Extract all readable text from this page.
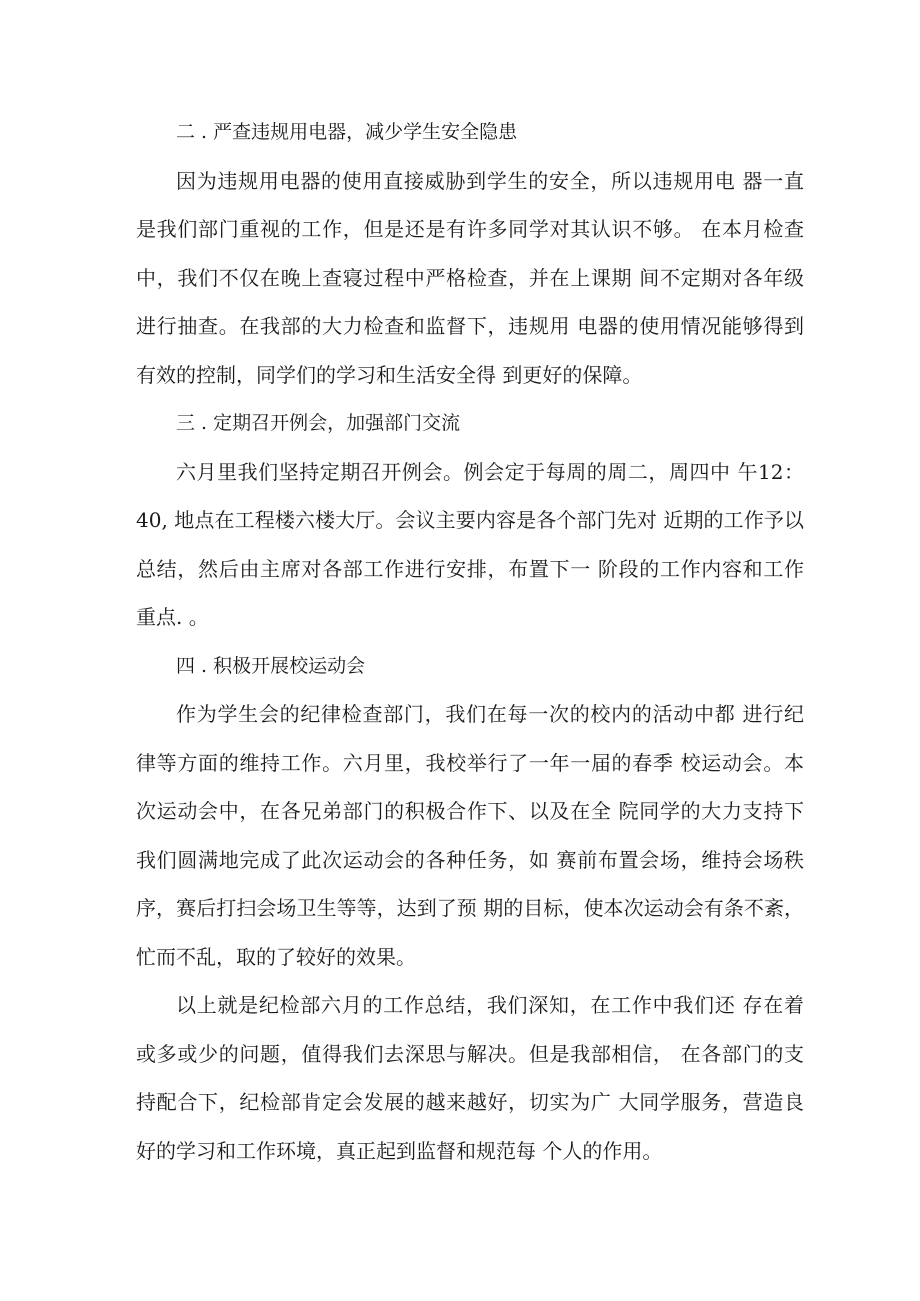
二 . 严查违规用电器，减少学生安全隐患

因为违规用电器的使用直接威胁到学生的安全，所以违规用电 器一直
是我们部门重视的工作，但是还是有许多同学对其认识不够。 在本月检查
中，我们不仅在晚上查寝过程中严格检查，并在上课期 间不定期对各年级
进行抽查。在我部的大力检查和监督下，违规用 电器的使用情况能够得到
有效的控制，同学们的学习和生活安全得 到更好的保障。

三 . 定期召开例会，加强部门交流

六月里我们坚持定期召开例会。例会定于每周的周二，周四中 午12：
40, 地点在工程楼六楼大厅。会议主要内容是各个部门先对 近期的工作予以
总结，然后由主席对各部工作进行安排，布置下一 阶段的工作内容和工作
重点. 。

四 . 积极开展校运动会

作为学生会的纪律检查部门，我们在每一次的校内的活动中都 进行纪
律等方面的维持工作。六月里，我校举行了一年一届的春季 校运动会。本
次运动会中，在各兄弟部门的积极合作下、以及在全 院同学的大力支持下
我们圆满地完成了此次运动会的各种任务，如 赛前布置会场，维持会场秩
序，赛后打扫会场卫生等等，达到了预 期的目标，使本次运动会有条不紊，
忙而不乱，取的了较好的效果。

以上就是纪检部六月的工作总结，我们深知，在工作中我们还 存在着
或多或少的问题，值得我们去深思与解决。但是我部相信， 在各部门的支
持配合下，纪检部肯定会发展的越来越好，切实为广 大同学服务，营造良
好的学习和工作环境，真正起到监督和规范每 个人的作用。
